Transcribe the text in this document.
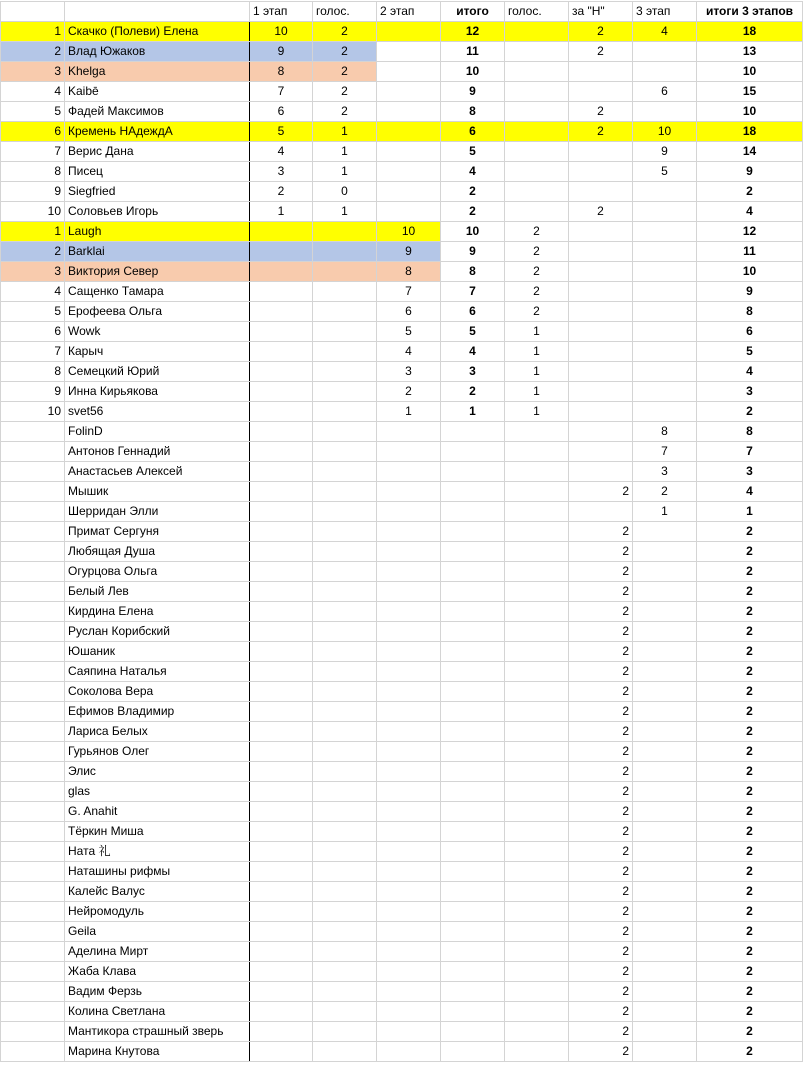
		1 этап	голос.	2 этап	итого	голос.	за "Н"	3 этап	итоги 3 этапов
1	Скачко (Полеви) Елена	10	2		12		2	4	18
2	Влад Южаков	9	2		11		2		13
3	Khelga	8	2		10				10
4	Kaibē	7	2		9			6	15
5	Фадей Максимов	6	2		8		2		10
6	Кремень НАдеждА	5	1		6		2	10	18
7	Верис Дана	4	1		5			9	14
8	Писец	3	1		4			5	9
9	Siegfried	2	0		2				2
10	Соловьев Игорь	1	1		2		2		4
1	Laugh			10	10	2			12
2	Barklai			9	9	2			11
3	Виктория Север			8	8	2			10
4	Сащенко Тамара			7	7	2			9
5	Ерофеева Ольга			6	6	2			8
6	Wowk			5	5	1			6
7	Карыч			4	4	1			5
8	Семецкий Юрий			3	3	1			4
9	Инна Кирьякова			2	2	1			3
10	svet56			1	1	1			2
	FolinD							8	8
	Антонов Геннадий							7	7
	Анастасьев Алексей							3	3
	Мышик						2	2	4
	Шерридан Элли							1	1
	Примат Сергуня						2		2
	Любящая Душа						2		2
	Огурцова Ольга						2		2
	Белый Лев						2		2
	Кирдина Елена						2		2
	Руслан Корибский						2		2
	Юшаник						2		2
	Саяпина Наталья						2		2
	Соколова Вера						2		2
	Ефимов Владимир						2		2
	Лариса Белых						2		2
	Гурьянов Олег						2		2
	Элис						2		2
	glas						2		2
	G. Anahit						2		2
	Тёркин Миша						2		2
	Ната 礼						2		2
	Наташины рифмы						2		2
	Калейс Валус						2		2
	Нейромодуль						2		2
	Geila						2		2
	Аделина Мирт						2		2
	Жаба Клава						2		2
	Вадим Ферзь						2		2
	Колина Светлана						2		2
	Мантикора страшный зверь						2		2
	Марина Кнутова						2		2
